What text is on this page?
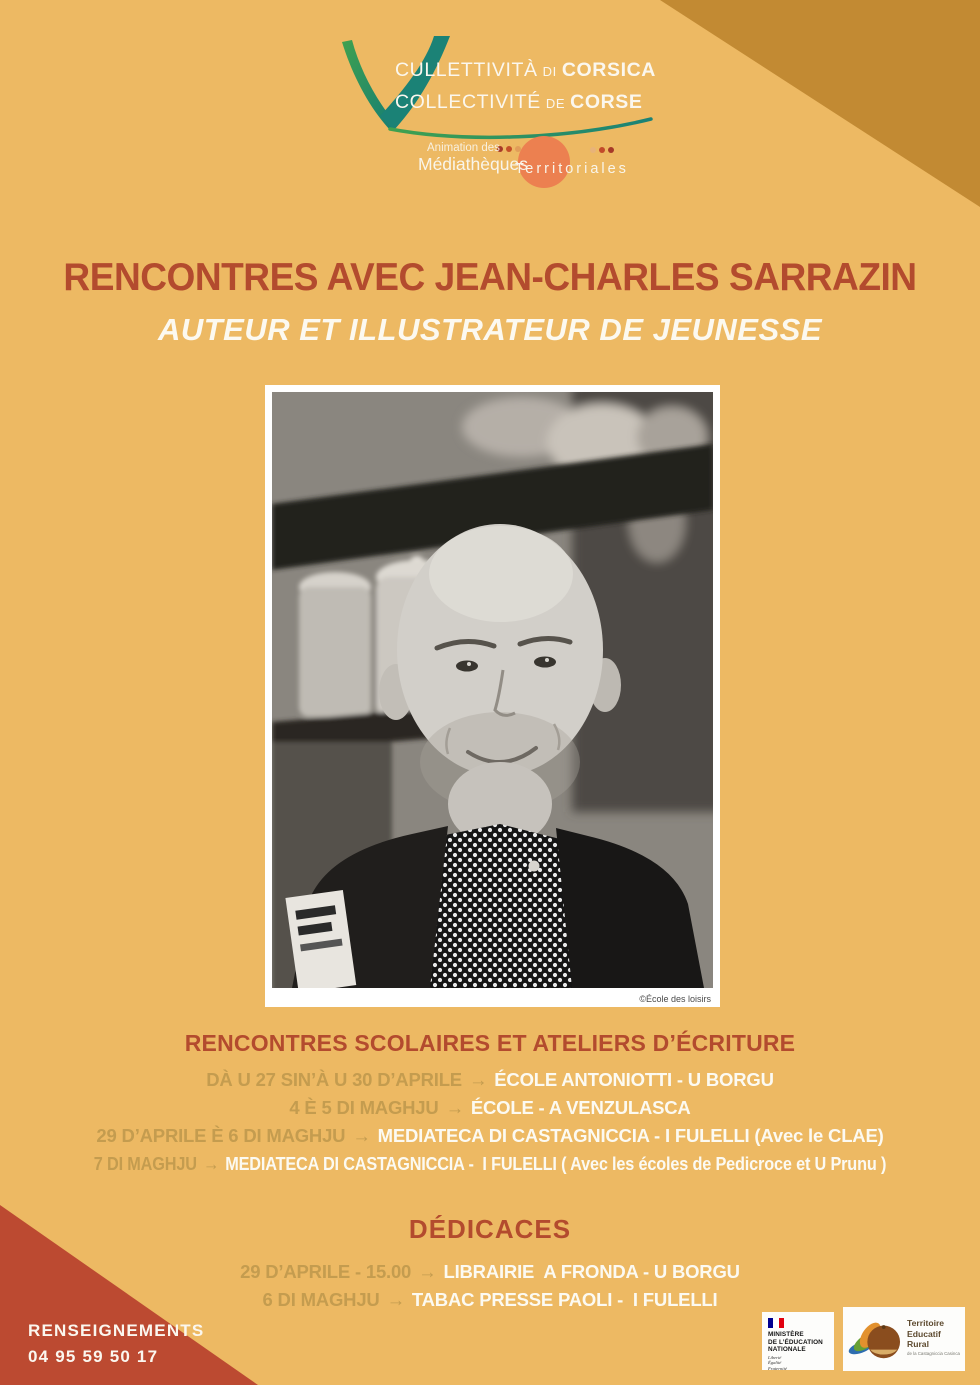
CULLETTIVITÀ DI CORSICA
COLLECTIVITÉ DE CORSE
Animation des
Médiathèques
Territoriales
RENCONTRES AVEC JEAN-CHARLES SARRAZIN
AUTEUR ET ILLUSTRATEUR DE JEUNESSE
©École des loisirs
RENCONTRES SCOLAIRES ET ATELIERS D’ÉCRITURE
DÀ U 27 SIN’À U 30 D’APRILE → ÉCOLE ANTONIOTTI - U BORGU
4 È 5 DI MAGHJU → ÉCOLE - A VENZULASCA
29 D’APRILE È 6 DI MAGHJU → MEDIATECA DI CASTAGNICCIA - I FULELLI (Avec le CLAE)
7 DI MAGHJU → MEDIATECA DI CASTAGNICCIA -  I FULELLI ( Avec les écoles de Pedicroce et U Prunu )
DÉDICACES
29 D’APRILE - 15.00 → LIBRAIRIE  A FRONDA - U BORGU
6 DI MAGHJU → TABAC PRESSE PAOLI -  I FULELLI
RENSEIGNEMENTS
04 95 59 50 17
MINISTÈRE
DE L’ÉDUCATION
NATIONALE
Liberté
Égalité
Fraternité
Territoire
Educatif
Rural
de la Castagniccia Casinca
